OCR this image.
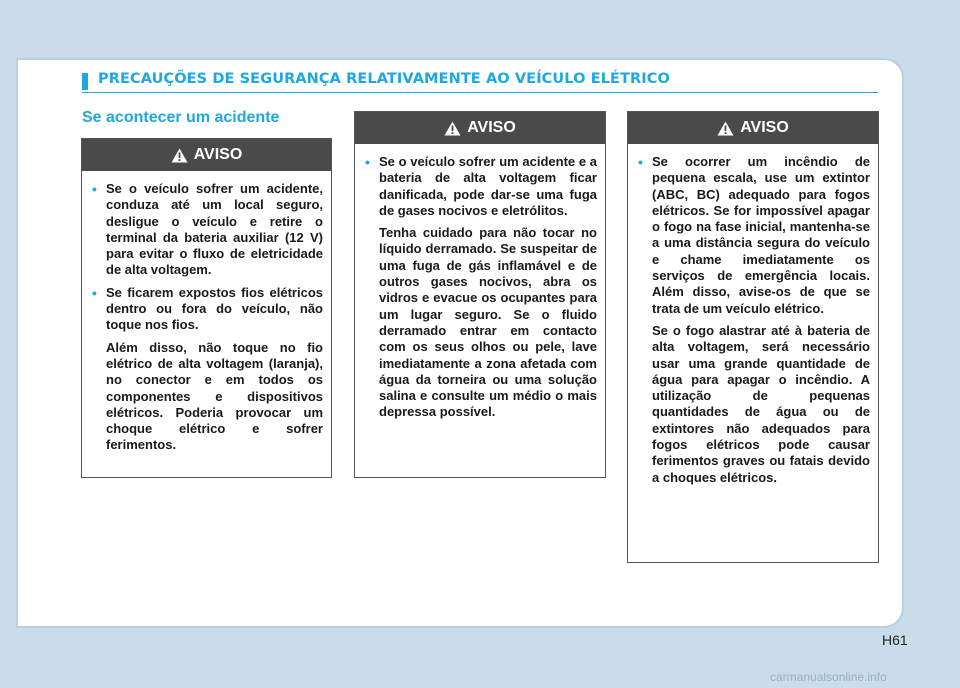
PRECAUÇÕES DE SEGURANÇA RELATIVAMENTE AO VEÍCULO ELÉTRICO
Se acontecer um acidente
AVISO
• Se o veículo sofrer um acidente, conduza até um local seguro, desligue o veículo e retire o terminal da bateria auxiliar (12 V) para evitar o fluxo de eletricidade de alta voltagem.
• Se ficarem expostos fios elétricos dentro ou fora do veículo, não toque nos fios.
Além disso, não toque no fio elétrico de alta voltagem (laranja), no conector e em todos os componentes e dispositivos elétricos. Poderia provocar um choque elétrico e sofrer ferimentos.
AVISO
• Se o veículo sofrer um acidente e a bateria de alta voltagem ficar danificada, pode dar-se uma fuga de gases nocivos e eletrólitos.
Tenha cuidado para não tocar no líquido derramado. Se suspeitar de uma fuga de gás inflamável e de outros gases nocivos, abra os vidros e evacue os ocupantes para um lugar seguro. Se o fluido derramado entrar em contacto com os seus olhos ou pele, lave imediatamente a zona afetada com água da torneira ou uma solução salina e consulte um médio o mais depressa possível.
AVISO
• Se ocorrer um incêndio de pequena escala, use um extintor (ABC, BC) adequado para fogos elétricos. Se for impossível apagar o fogo na fase inicial, mantenha-se a uma distância segura do veículo e chame imediatamente os serviços de emergência locais. Além disso, avise-os de que se trata de um veículo elétrico.
Se o fogo alastrar até à bateria de alta voltagem, será necessário usar uma grande quantidade de água para apagar o incêndio. A utilização de pequenas quantidades de água ou de extintores não adequados para fogos elétricos pode causar ferimentos graves ou fatais devido a choques elétricos.
H61
carmanualsonline.info
